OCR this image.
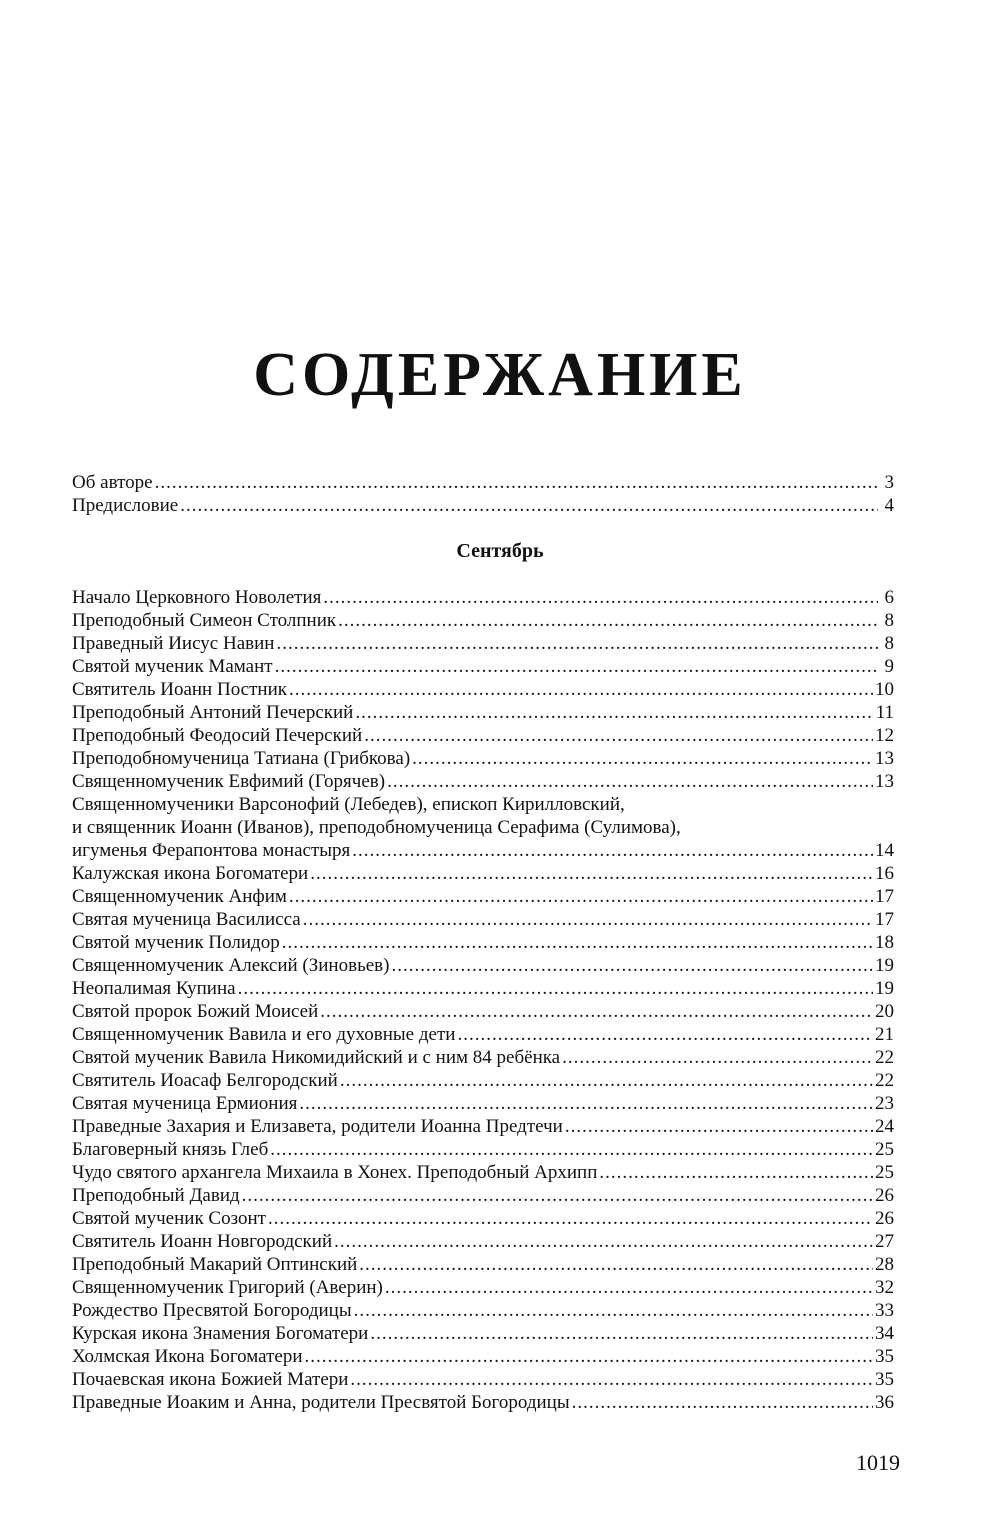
СОДЕРЖАНИЕ
Об авторе .....	3
Предисловие .....	4
Сентябрь
Начало Церковного Новолетия .....	6
Преподобный Симеон Столпник .....	8
Праведный Иисус Навин .....	8
Святой мученик Мамант .....	9
Святитель Иоанн Постник .....	10
Преподобный Антоний Печерский .....	11
Преподобный Феодосий Печерский .....	12
Преподобномученица Татиана (Грибкова) .....	13
Священномученик Евфимий (Горячев) .....	13
Священномученики Варсонофий (Лебедев), епископ Кирилловский,
и священник Иоанн (Иванов), преподобномученица Серафима (Сулимова),
игуменья Ферапонтова монастыря .....	14
Калужская икона Богоматери .....	16
Священномученик Анфим .....	17
Святая мученица Василисса .....	17
Святой мученик Полидор .....	18
Священномученик Алексий (Зиновьев) .....	19
Неопалимая Купина .....	19
Святой пророк Божий Моисей .....	20
Священномученик Вавила и его духовные дети .....	21
Святой мученик Вавила Никомидийский и с ним 84 ребёнка .....	22
Святитель Иоасаф Белгородский .....	22
Святая мученица Ермиония .....	23
Праведные Захария и Елизавета, родители Иоанна Предтечи .....	24
Благоверный князь Глеб .....	25
Чудо святого архангела Михаила в Хонех. Преподобный Архипп .....	25
Преподобный Давид .....	26
Святой мученик Созонт .....	26
Святитель Иоанн Новгородский .....	27
Преподобный Макарий Оптинский .....	28
Священномученик Григорий (Аверин) .....	32
Рождество Пресвятой Богородицы .....	33
Курская икона Знамения Богоматери .....	34
Холмская Икона Богоматери .....	35
Почаевская икона Божией Матери .....	35
Праведные Иоаким и Анна, родители Пресвятой Богородицы .....	36
1019
